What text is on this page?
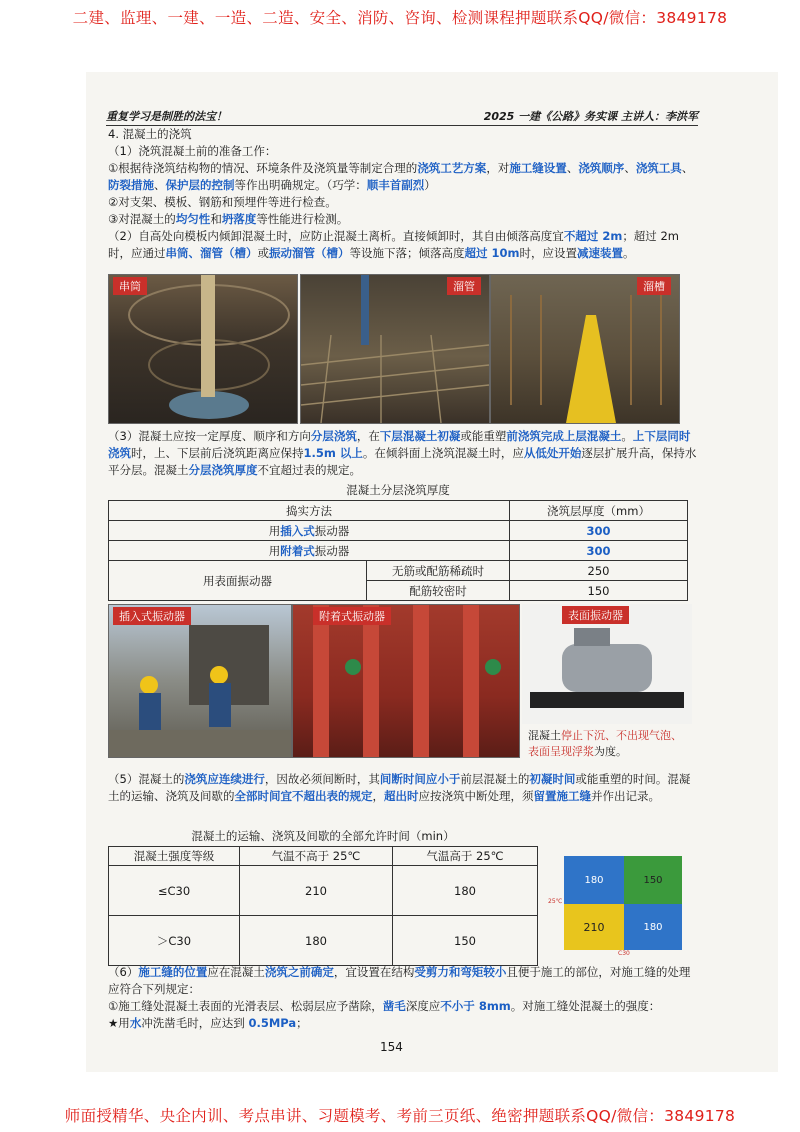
二建、监理、一建、一造、二造、安全、消防、咨询、检测课程押题联系QQ/微信：3849178
重复学习是制胜的法宝！	2025 一建《公路》务实课 主讲人：李洪军

4. 混凝土的浇筑

（1）浇筑混凝土前的准备工作：

①根据待浇筑结构物的情况、环境条件及浇筑量等制定合理的浇筑工艺方案，对施工缝设置、浇筑顺序、浇筑工具、防裂措施、保护层的控制等作出明确规定。（巧学：顺丰首副烈）

②对支架、模板、钢筋和预埋件等进行检查。

③对混凝土的均匀性和坍落度等性能进行检测。

（2）自高处向模板内倾卸混凝土时，应防止混凝土离析。直接倾卸时，其自由倾落高度宜不超过 2m；超过 2m 时，应通过串筒、溜管（槽）或振动溜管（槽）等设施下落；倾落高度超过 10m时，应设置减速装置。

串筒	溜管	溜槽

（3）混凝土应按一定厚度、顺序和方向分层浇筑，在下层混凝土初凝或能重塑前浇筑完成上层混凝土。上下层同时浇筑时，上、下层前后浇筑距离应保持1.5m 以上。在倾斜面上浇筑混凝土时，应从低处开始逐层扩展升高，保持水平分层。混凝土分层浇筑厚度不宜超过表的规定。

混凝土分层浇筑厚度
捣实方法		浇筑层厚度（mm）
用插入式振动器		300
用附着式振动器		300
用表面振动器	无筋或配筋稀疏时	250
	配筋较密时	150
插入式振动器	附着式振动器	表面振动器

混凝土停止下沉、不出现气泡、表面呈现浮浆为度。

（5）混凝土的浇筑应连续进行，因故必须间断时，其间断时间应小于前层混凝土的初凝时间或能重塑的时间。混凝土的运输、浇筑及间歇的全部时间宜不超出表的规定，超出时应按浇筑中断处理，须留置施工缝并作出记录。

混凝土的运输、浇筑及间歇的全部允许时间（min）
混凝土强度等级	气温不高于 25℃	气温高于 25℃
≤C30	210	180
＞C30	180	150
180	150
210	180
25℃
C30

（6）施工缝的位置应在混凝土浇筑之前确定，宜设置在结构受剪力和弯矩较小且便于施工的部位，对施工缝的处理应符合下列规定：

①施工缝处混凝土表面的光滑表层、松弱层应予凿除，凿毛深度应不小于 8mm。对施工缝处混凝土的强度：

★用水冲洗凿毛时，应达到 0.5MPa；

154
师面授精华、央企内训、考点串讲、习题模考、考前三页纸、绝密押题联系QQ/微信：3849178
